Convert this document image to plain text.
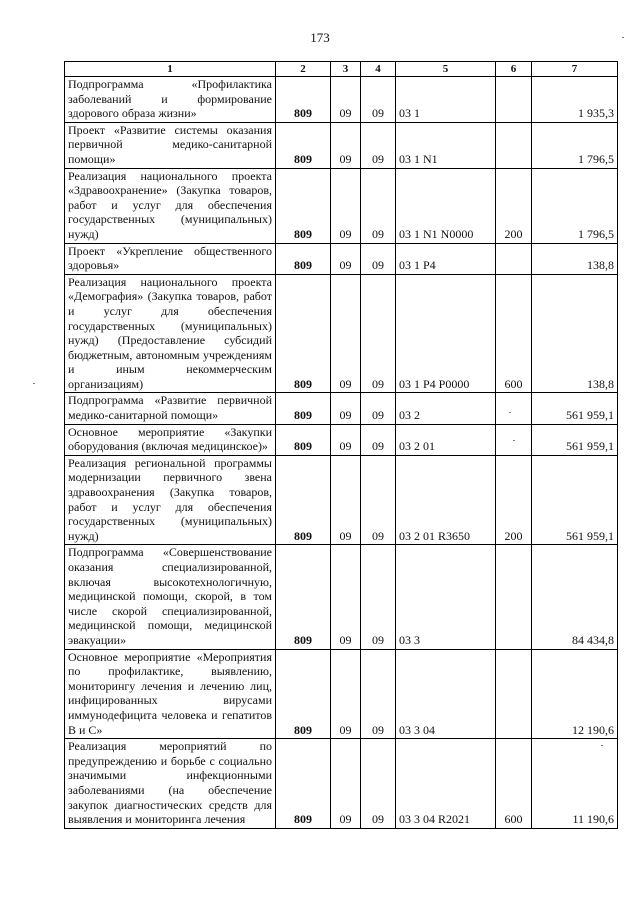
173
1	2	3	4	5	6	7
Подпрограмма «Профилактика заболеваний и формирование здорового образа жизни»	809	09	09	03 1		1 935,3
Проект «Развитие системы оказания первичной медико-санитарной помощи»	809	09	09	03 1 N1		1 796,5
Реализация национального проекта «Здравоохранение» (Закупка товаров, работ и услуг для обеспечения государственных (муниципальных) нужд)	809	09	09	03 1 N1 N0000	200	1 796,5
Проект «Укрепление общественного здоровья»	809	09	09	03 1 P4		138,8
Реализация национального проекта «Демография» (Закупка товаров, работ и услуг для обеспечения государственных (муниципальных) нужд) (Предоставление субсидий бюджетным, автономным учреждениям и иным некоммерческим организациям)	809	09	09	03 1 P4 P0000	600	138,8
Подпрограмма «Развитие первичной медико-санитарной помощи»	809	09	09	03 2		561 959,1
Основное мероприятие «Закупки оборудования (включая медицинское)»	809	09	09	03 2 01		561 959,1
Реализация региональной программы модернизации первичного звена здравоохранения (Закупка товаров, работ и услуг для обеспечения государственных (муниципальных) нужд)	809	09	09	03 2 01 R3650	200	561 959,1
Подпрограмма «Совершенствование оказания специализированной, включая высокотехнологичную, медицинской помощи, скорой, в том числе скорой специализированной, медицинской помощи, медицинской эвакуации»	809	09	09	03 3		84 434,8
Основное мероприятие «Мероприятия по профилактике, выявлению, мониторингу лечения и лечению лиц, инфицированных вирусами иммунодефицита человека и гепатитов В и С»	809	09	09	03 3 04		12 190,6
Реализация мероприятий по предупреждению и борьбе с социально значимыми инфекционными заболеваниями (на обеспечение закупок диагностических средств для выявления и мониторинга лечения	809	09	09	03 3 04 R2021	600	11 190,6
